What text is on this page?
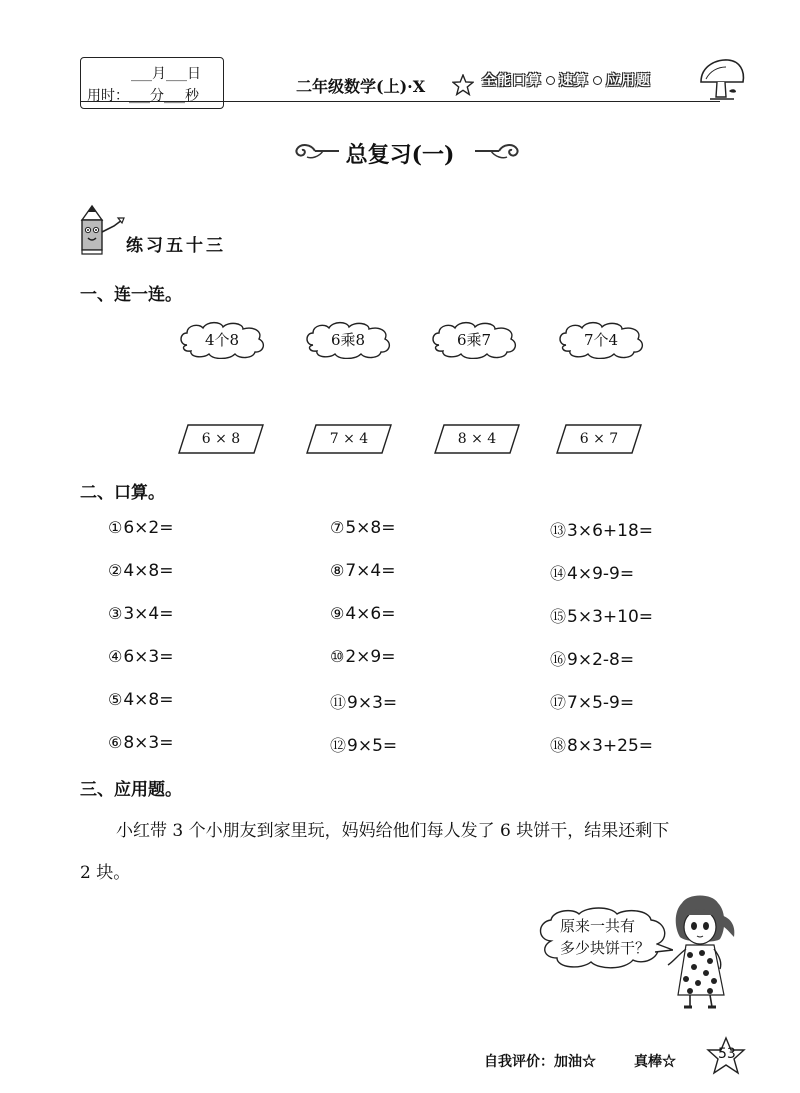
___月___日
用时：___分___秒	二年级数学(上)·X	全能口算 速算 应用题
总复习(一)
练习五十三
一、连一连。
4个8	6乘8	6乘7	7个4
6 × 8	7 × 4	8 × 4	6 × 7
二、口算。
①6×2=
②4×8=
③3×4=
④6×3=
⑤4×8=
⑥8×3=
⑦5×8=
⑧7×4=
⑨4×6=
⑩2×9=
⑪9×3=
⑫9×5=
⑬3×6+18=
⑭4×9-9=
⑮5×3+10=
⑯9×2-8=
⑰7×5-9=
⑱8×3+25=
三、应用题。
小红带 3 个小朋友到家里玩，妈妈给他们每人发了 6 块饼干，结果还剩下
2 块。
原来一共有
多少块饼干？
自我评价：加油☆	真棒☆	53
